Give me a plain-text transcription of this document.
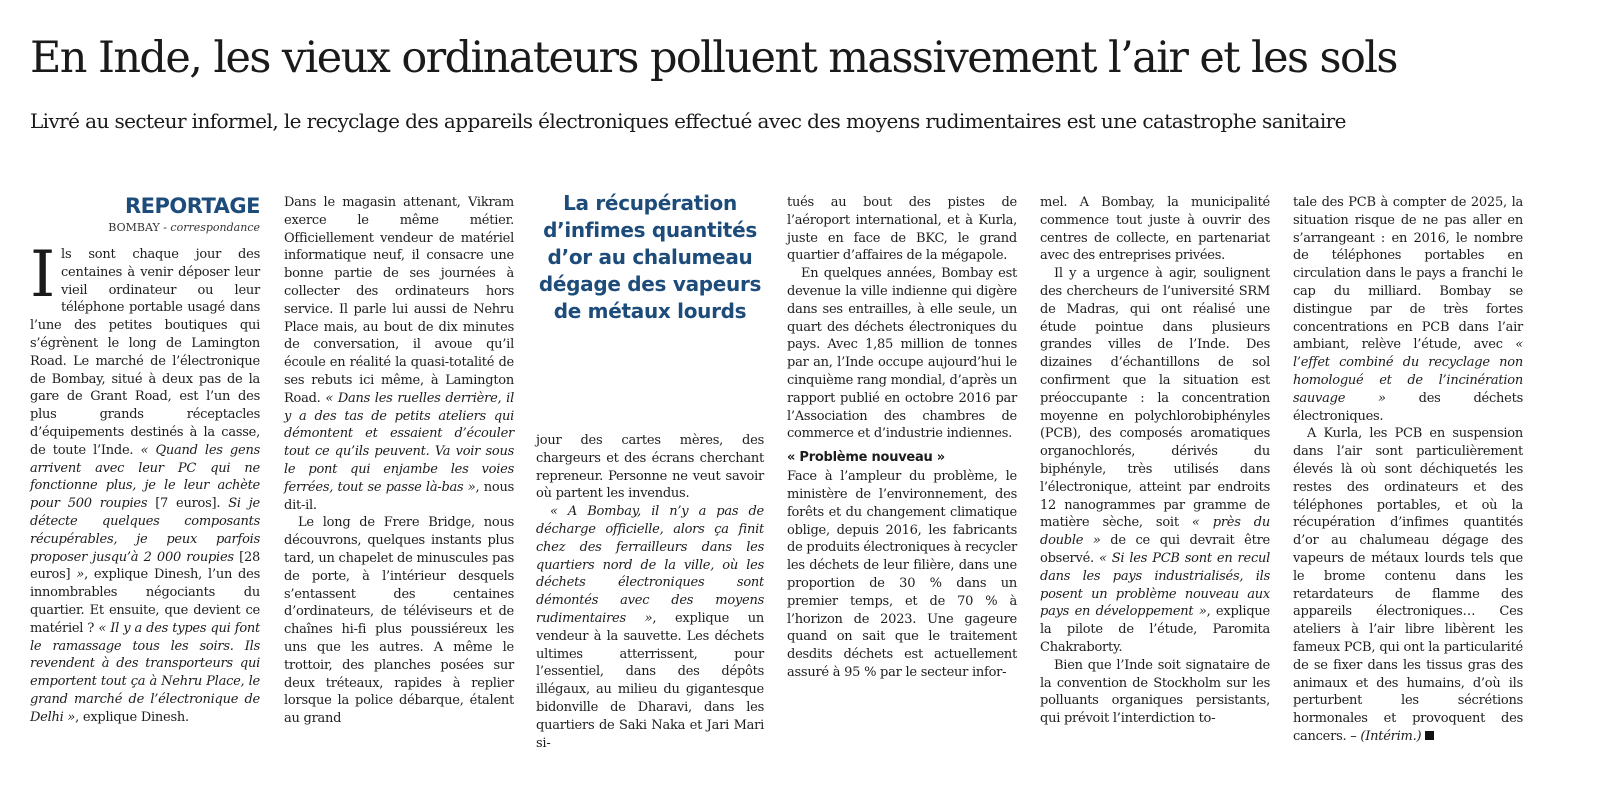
En Inde, les vieux ordinateurs polluent massivement l’air et les sols
Livré au secteur informel, le recyclage des appareils électroniques effectué avec des moyens rudimentaires est une catastrophe sanitaire
REPORTAGE
BOMBAY - correspondance
La récupération d’infimes quantités d’or au chalumeau dégage des vapeurs de métaux lourds

Ils sont chaque jour des centaines à venir déposer leur vieil ordinateur ou leur téléphone portable usagé dans l’une des petites boutiques qui s’égrènent le long de Lamington Road. Le marché de l’électronique de Bombay, situé à deux pas de la gare de Grant Road, est l’un des plus grands réceptacles d’équipements destinés à la casse, de toute l’Inde. « Quand les gens arrivent avec leur PC qui ne fonctionne plus, je le leur achète pour 500 roupies [7 euros]. Si je détecte quelques composants récupérables, je peux parfois proposer jusqu’à 2 000 roupies [28 euros] », explique Dinesh, l’un des innombrables négociants du quartier. Et ensuite, que devient ce matériel ? « Il y a des types qui font le ramassage tous les soirs. Ils revendent à des transporteurs qui emportent tout ça à Nehru Place, le grand marché de l’électronique de Delhi », explique Dinesh.

Dans le magasin attenant, Vikram exerce le même métier. Officiellement vendeur de matériel informatique neuf, il consacre une bonne partie de ses journées à collecter des ordinateurs hors service. Il parle lui aussi de Nehru Place mais, au bout de dix minutes de conversation, il avoue qu’il écoule en réalité la quasi-totalité de ses rebuts ici même, à Lamington Road. « Dans les ruelles derrière, il y a des tas de petits ateliers qui démontent et essaient d’écouler tout ce qu’ils peuvent. Va voir sous le pont qui enjambe les voies ferrées, tout se passe là-bas », nous dit-il.

Le long de Frere Bridge, nous découvrons, quelques instants plus tard, un chapelet de minuscules pas de porte, à l’intérieur desquels s’entassent des centaines d’ordinateurs, de téléviseurs et de chaînes hi-fi plus poussiéreux les uns que les autres. A même le trottoir, des planches posées sur deux tréteaux, rapides à replier lorsque la police débarque, étalent au grand

jour des cartes mères, des chargeurs et des écrans cherchant repreneur. Personne ne veut savoir où partent les invendus.

« A Bombay, il n’y a pas de décharge officielle, alors ça finit chez des ferrailleurs dans les quartiers nord de la ville, où les déchets électroniques sont démontés avec des moyens rudimentaires », explique un vendeur à la sauvette. Les déchets ultimes atterrissent, pour l’essentiel, dans des dépôts illégaux, au milieu du gigantesque bidonville de Dharavi, dans les quartiers de Saki Naka et Jari Mari si-

tués au bout des pistes de l’aéroport international, et à Kurla, juste en face de BKC, le grand quartier d’affaires de la mégapole.

En quelques années, Bombay est devenue la ville indienne qui digère dans ses entrailles, à elle seule, un quart des déchets électroniques du pays. Avec 1,85 million de tonnes par an, l’Inde occupe aujourd’hui le cinquième rang mondial, d’après un rapport publié en octobre 2016 par l’Association des chambres de commerce et d’industrie indiennes.

« Problème nouveau »

Face à l’ampleur du problème, le ministère de l’environnement, des forêts et du changement climatique oblige, depuis 2016, les fabricants de produits électroniques à recycler les déchets de leur filière, dans une proportion de 30 % dans un premier temps, et de 70 % à l’horizon de 2023. Une gageure quand on sait que le traitement desdits déchets est actuellement assuré à 95 % par le secteur infor-

mel. A Bombay, la municipalité commence tout juste à ouvrir des centres de collecte, en partenariat avec des entreprises privées.

Il y a urgence à agir, soulignent des chercheurs de l’université SRM de Madras, qui ont réalisé une étude pointue dans plusieurs grandes villes de l’Inde. Des dizaines d’échantillons de sol confirment que la situation est préoccupante : la concentration moyenne en polychlorobiphényles (PCB), des composés aromatiques organochlorés, dérivés du biphényle, très utilisés dans l’électronique, atteint par endroits 12 nanogrammes par gramme de matière sèche, soit « près du double » de ce qui devrait être observé. « Si les PCB sont en recul dans les pays industrialisés, ils posent un problème nouveau aux pays en développement », explique la pilote de l’étude, Paromita Chakraborty.

Bien que l’Inde soit signataire de la convention de Stockholm sur les polluants organiques persistants, qui prévoit l’interdiction to-

tale des PCB à compter de 2025, la situation risque de ne pas aller en s’arrangeant : en 2016, le nombre de téléphones portables en circulation dans le pays a franchi le cap du milliard. Bombay se distingue par de très fortes concentrations en PCB dans l’air ambiant, relève l’étude, avec « l’effet combiné du recyclage non homologué et de l’incinération sauvage » des déchets électroniques.

A Kurla, les PCB en suspension dans l’air sont particulièrement élevés là où sont déchiquetés les restes des ordinateurs et des téléphones portables, et où la récupération d’infimes quantités d’or au chalumeau dégage des vapeurs de métaux lourds tels que le brome contenu dans les retardateurs de flamme des appareils électroniques… Ces ateliers à l’air libre libèrent les fameux PCB, qui ont la particularité de se fixer dans les tissus gras des animaux et des humains, d’où ils perturbent les sécrétions hormonales et provoquent des cancers. – (Intérim.)
